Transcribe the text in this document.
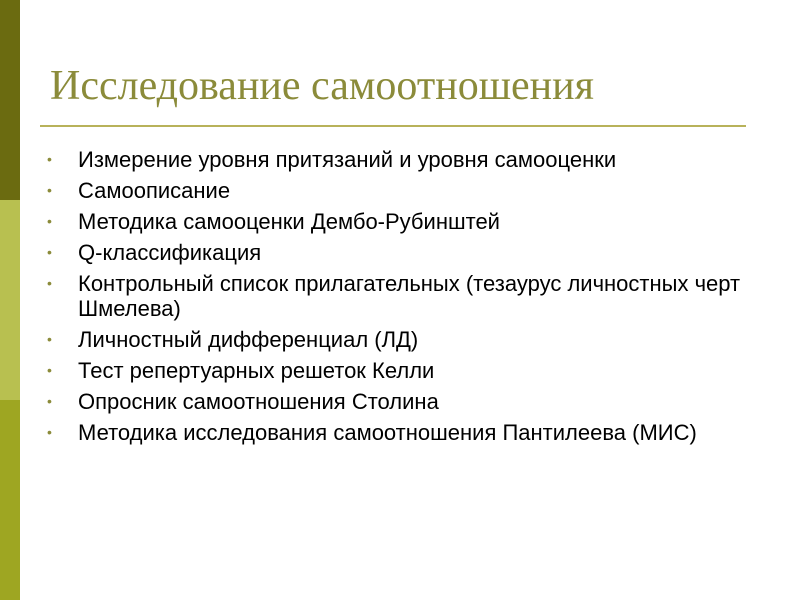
Исследование самоотношения
• Измерение уровня притязаний и уровня самооценки
• Самоописание
• Методика самооценки Дембо-Рубинштей
• Q-классификация
• Контрольный список прилагательных (тезаурус личностных черт Шмелева)
• Личностный дифференциал (ЛД)
• Тест репертуарных решеток Келли
• Опросник самоотношения Столина
• Методика исследования самоотношения Пантилеева (МИС)
